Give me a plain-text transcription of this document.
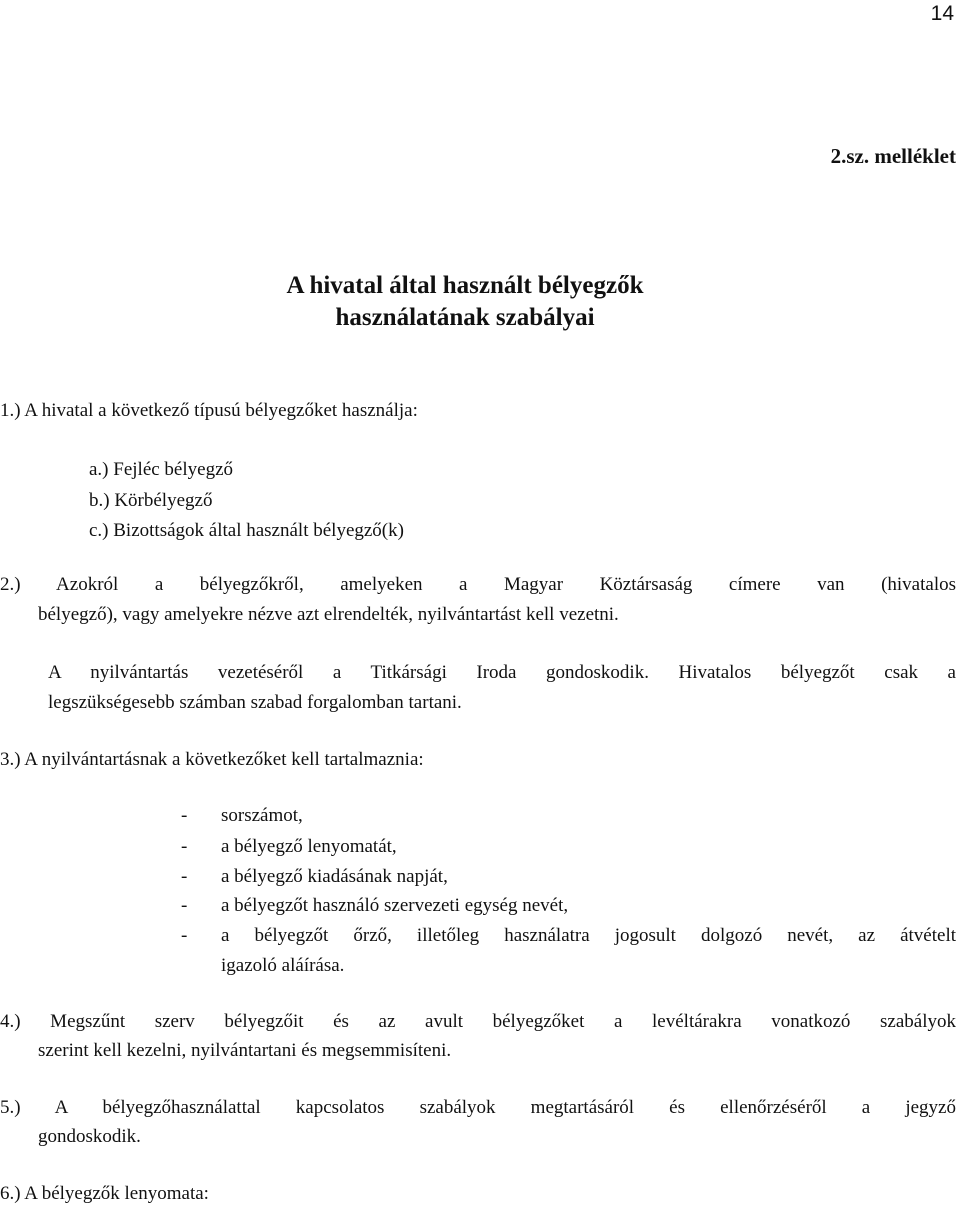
14
2.sz. melléklet
A hivatal által használt bélyegzők
használatának szabályai
1.) A hivatal a következő típusú bélyegzőket használja:
a.) Fejléc bélyegző
b.) Körbélyegző
c.) Bizottságok által használt bélyegző(k)
2.) Azokról a bélyegzőkről, amelyeken a Magyar Köztársaság címere van (hivatalos
bélyegző), vagy amelyekre nézve azt elrendelték, nyilvántartást kell vezetni.
A nyilvántartás vezetéséről a Titkársági Iroda gondoskodik. Hivatalos bélyegzőt csak a
legszükségesebb számban szabad forgalomban tartani.
3.) A nyilvántartásnak a következőket kell tartalmaznia:
- sorszámot,
- a bélyegző lenyomatát,
- a bélyegző kiadásának napját,
- a bélyegzőt használó szervezeti egység nevét,
- a bélyegzőt őrző, illetőleg használatra jogosult dolgozó nevét, az átvételt
igazoló aláírása.
4.) Megszűnt szerv bélyegzőit és az avult bélyegzőket a levéltárakra vonatkozó szabályok
szerint kell kezelni, nyilvántartani és megsemmisíteni.
5.) A bélyegzőhasználattal kapcsolatos szabályok megtartásáról és ellenőrzéséről a jegyző
gondoskodik.
6.) A bélyegzők lenyomata:
